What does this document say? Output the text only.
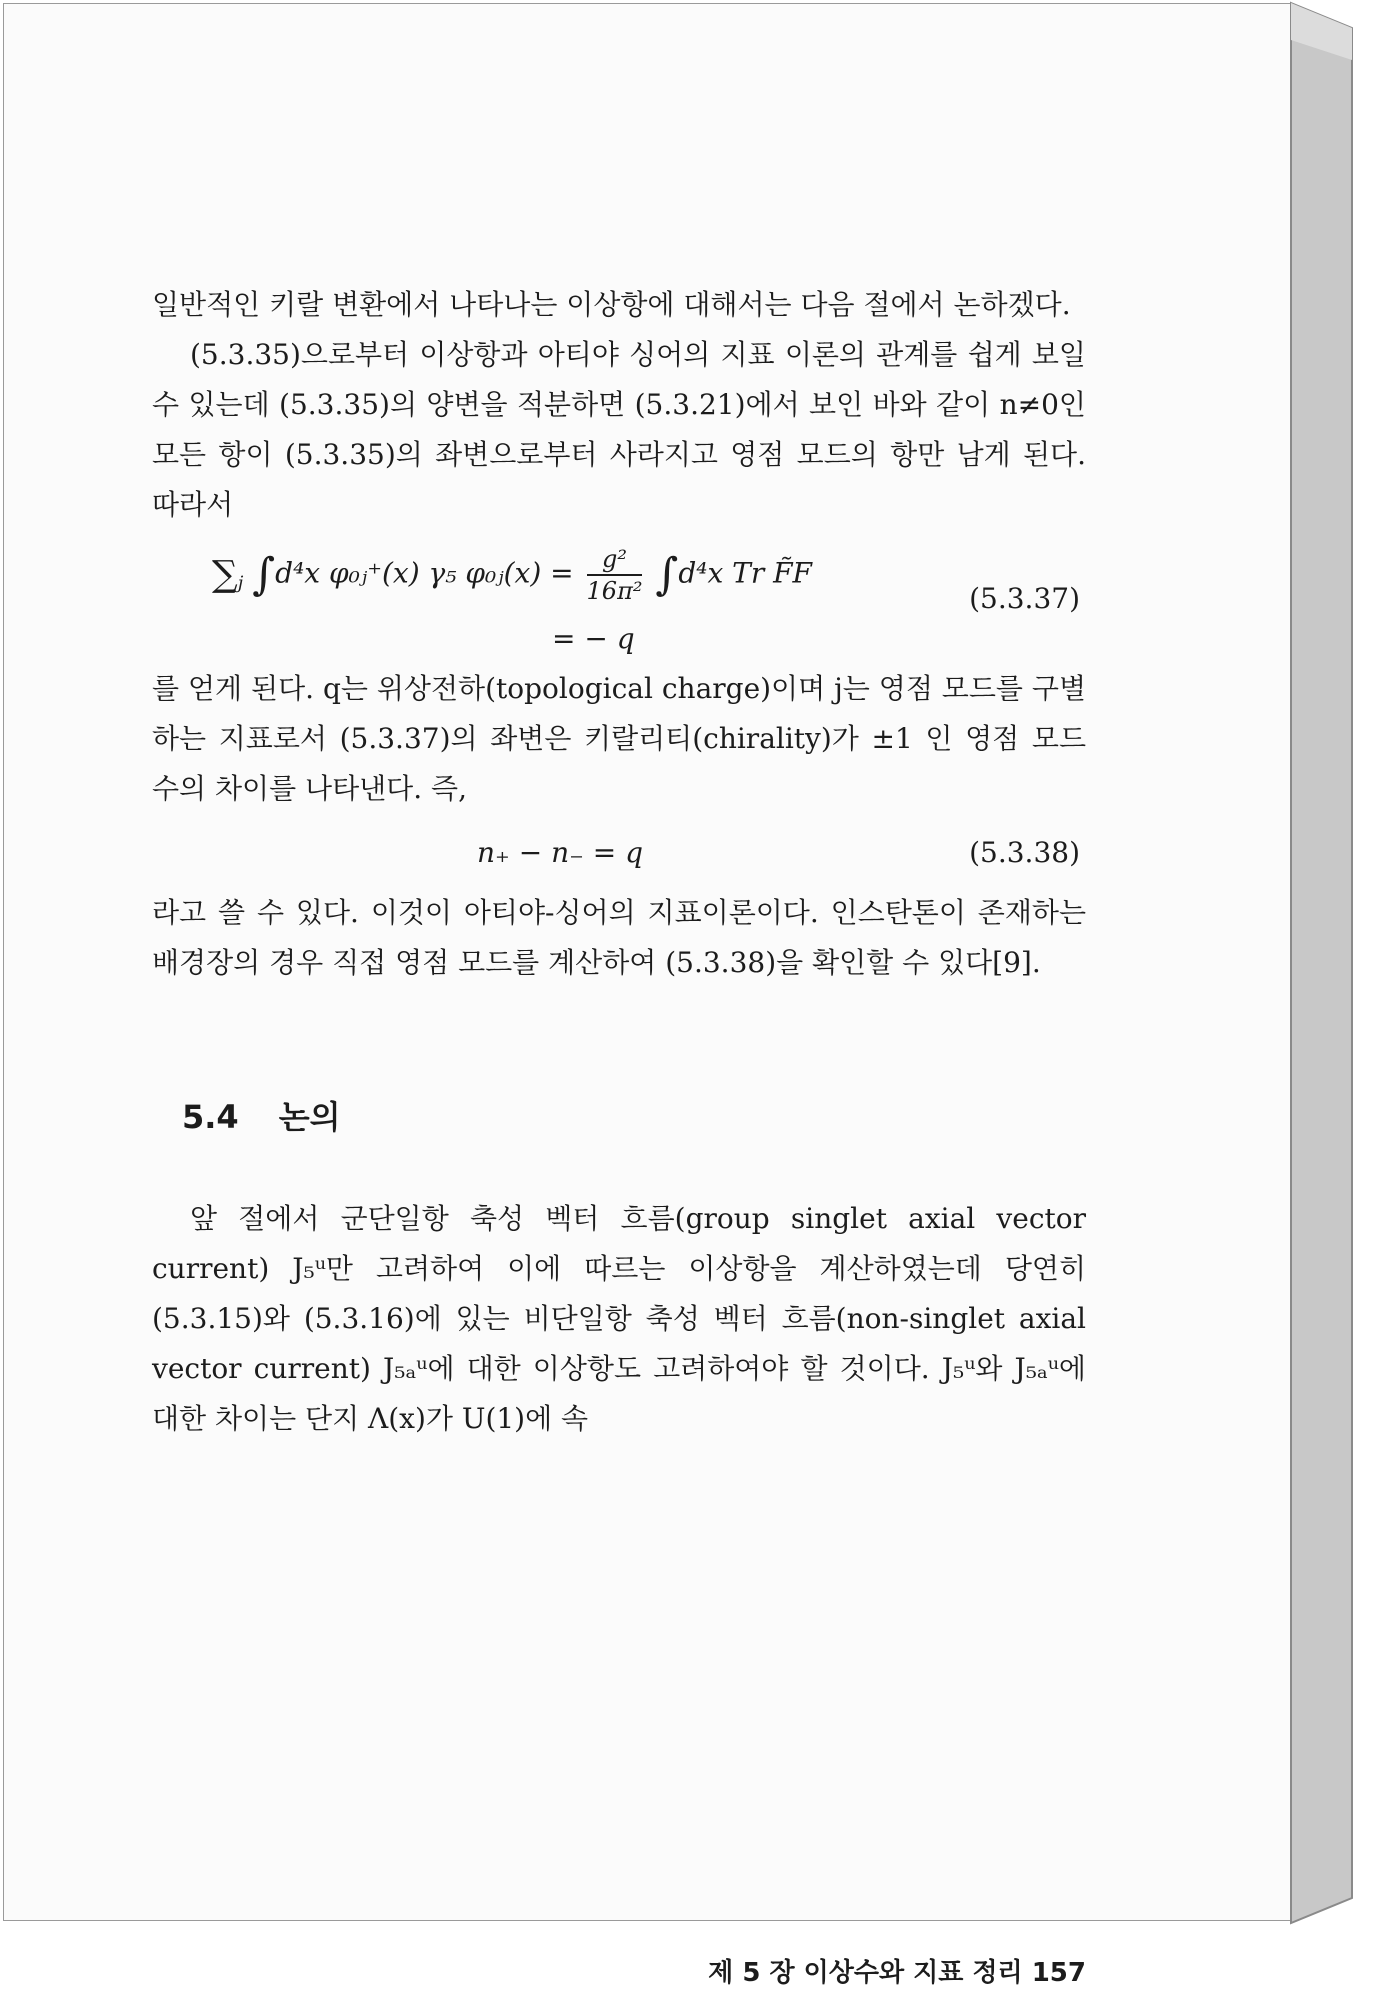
일반적인 키랄 변환에서 나타나는 이상항에 대해서는 다음 절에서 논하겠다.

(5.3.35)으로부터 이상항과 아티야 싱어의 지표 이론의 관계를 쉽게 보일 수 있는데 (5.3.35)의 양변을 적분하면 (5.3.21)에서 보인 바와 같이 n≠0인 모든 항이 (5.3.35)의 좌변으로부터 사라지고 영점 모드의 항만 남게 된다. 따라서

$\sum_j$ ∫d⁴x φ₀ⱼ⁺(x) γ₅ φ₀ⱼ(x) = $\frac{\text{g²}}{\text{16π²}} \int d^4x$ Tr F̃F
= − q
(5.3.37)

를 얻게 된다. q는 위상전하(topological charge)이며 j는 영점 모드를 구별하는 지표로서 (5.3.37)의 좌변은 키랄리티(chirality)가 ±1 인 영점 모드 수의 차이를 나타낸다. 즉,

n₊ − n₋ = q	(5.3.38)

라고 쓸 수 있다. 이것이 아티야-싱어의 지표이론이다. 인스탄톤이 존재하는 배경장의 경우 직접 영점 모드를 계산하여 (5.3.38)을 확인할 수 있다[9].

5.4 논의

앞 절에서 군단일항 축성 벡터 흐름(group singlet axial vector current) J₅ᵘ만 고려하여 이에 따르는 이상항을 계산하였는데 당연히 (5.3.15)와 (5.3.16)에 있는 비단일항 축성 벡터 흐름(non-singlet axial vector current) J₅ₐᵘ에 대한 이상항도 고려하여야 할 것이다. J₅ᵘ와 J₅ₐᵘ에 대한 차이는 단지 Λ(x)가 U(1)에 속

제 5 장 이상수와 지표 정리 157
